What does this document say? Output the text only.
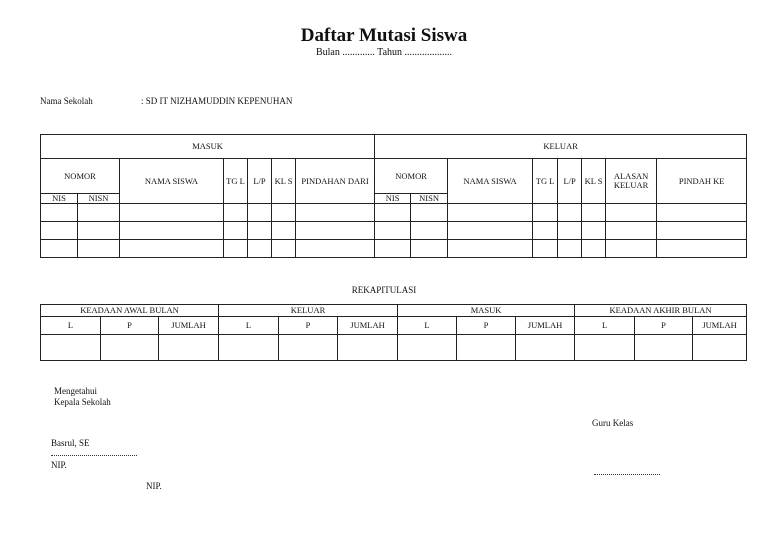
Daftar Mutasi Siswa
Bulan ............. Tahun ...................
Nama Sekolah	: SD IT NIZHAMUDDIN KEPENUHAN
MASUK							KELUAR							
NOMOR		NAMA SISWA	TG L	L/P	KL S	PINDAHAN DARI	NOMOR		NAMA SISWA	TG L	L/P	KL S	ALASAN KELUAR	PINDAH KE
NIS	NISN						NIS	NISN						

REKAPITULASI
KEADAAN AWAL BULAN			KELUAR			MASUK			KEADAAN AKHIR BULAN		
L	P	JUMLAH	L	P	JUMLAH	L	P	JUMLAH	L	P	JUMLAH

Mengetahui
Kepala Sekolah
Basrul, SE
NIP.
NIP.
Guru Kelas
